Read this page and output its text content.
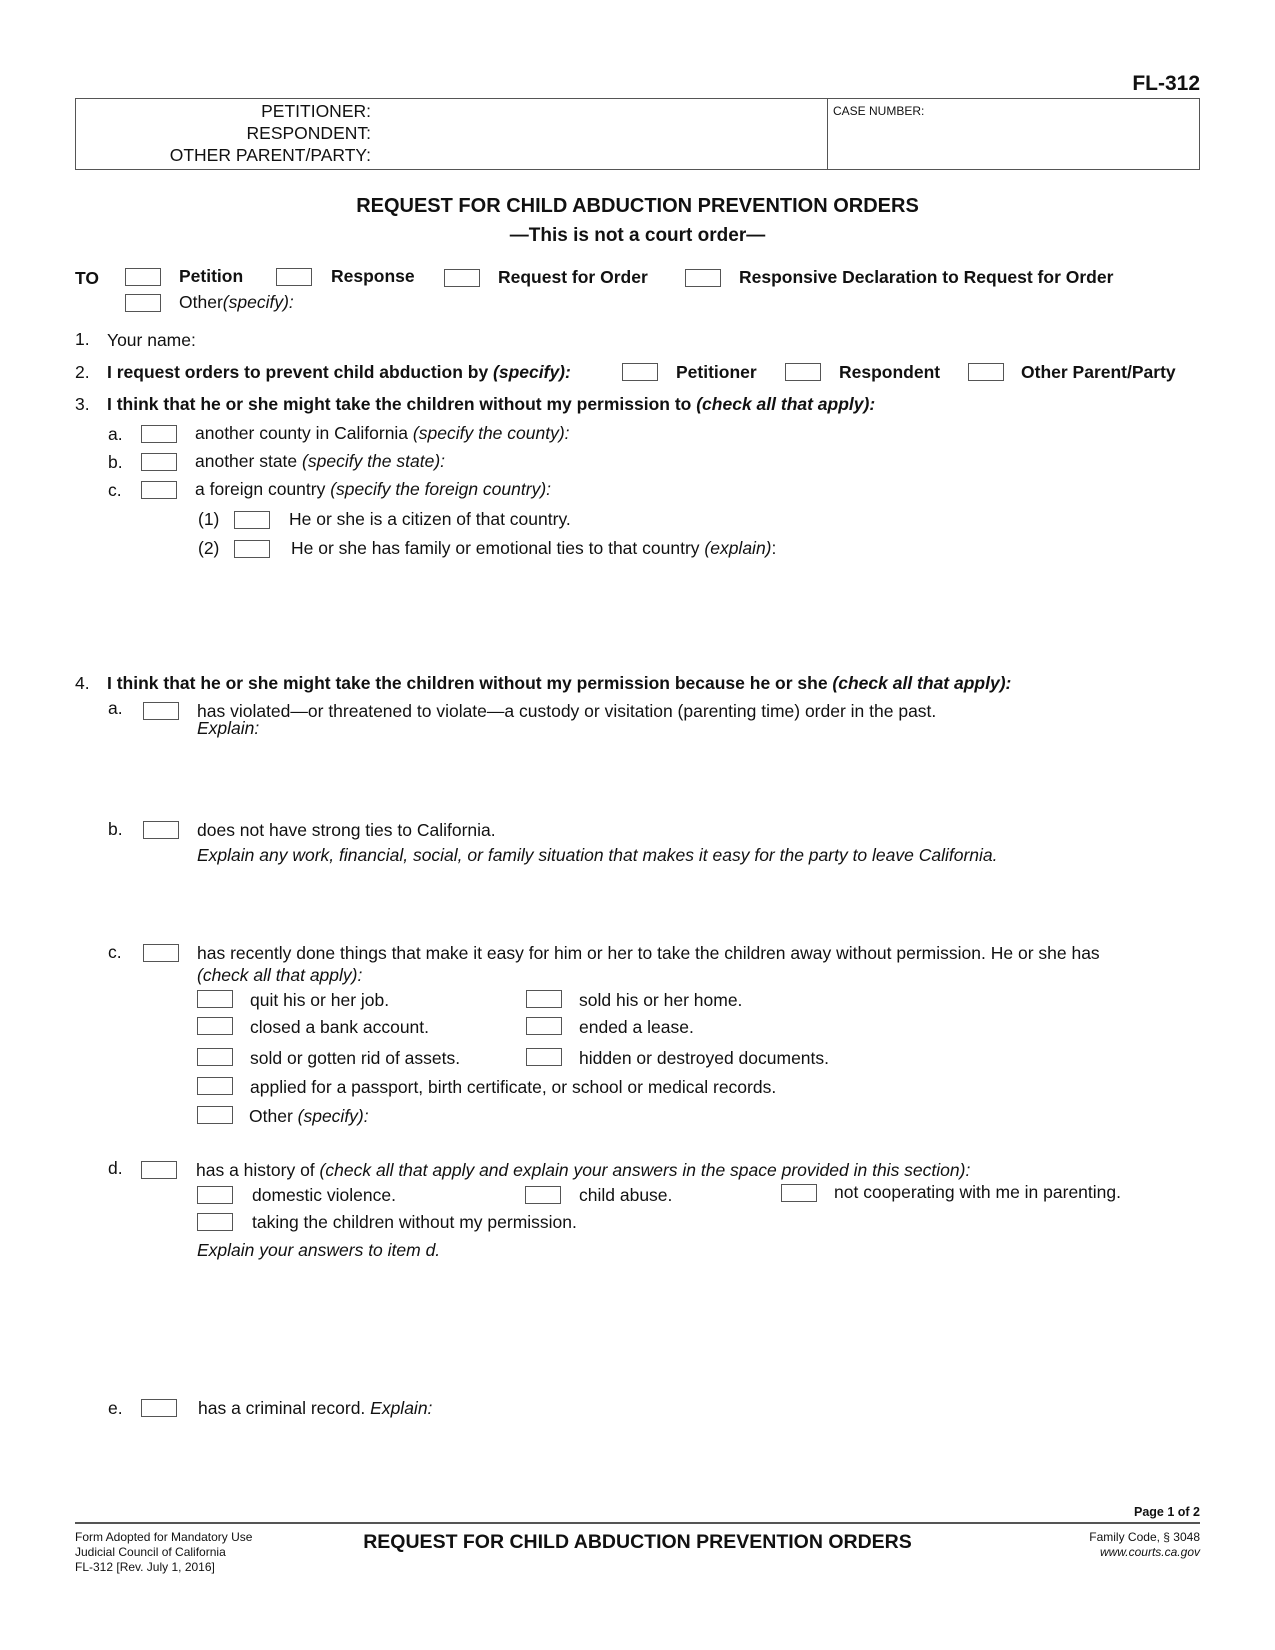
FL-312
PETITIONER:
RESPONDENT:
OTHER PARENT/PARTY:
CASE NUMBER:
REQUEST FOR CHILD ABDUCTION PREVENTION ORDERS
—This is not a court order—
TO	Petition	Response	Request for Order	Responsive Declaration to Request for Order
Other(specify):
1. Your name:
2. I request orders to prevent child abduction by (specify):	Petitioner	Respondent	Other Parent/Party
3. I think that he or she might take the children without my permission to (check all that apply):
a.	another county in California (specify the county):
b.	another state (specify the state):
c.	a foreign country (specify the foreign country):
(1)	He or she is a citizen of that country.
(2)	He or she has family or emotional ties to that country (explain):
4. I think that he or she might take the children without my permission because he or she (check all that apply):
a.	has violated—or threatened to violate—a custody or visitation (parenting time) order in the past.
Explain:
b.	does not have strong ties to California.
Explain any work, financial, social, or family situation that makes it easy for the party to leave California.
c.	has recently done things that make it easy for him or her to take the children away without permission. He or she has
(check all that apply):
quit his or her job.	sold his or her home.
closed a bank account.	ended a lease.
sold or gotten rid of assets.	hidden or destroyed documents.
applied for a passport, birth certificate, or school or medical records.
Other (specify):
d.	has a history of (check all that apply and explain your answers in the space provided in this section):
domestic violence.	child abuse.	not cooperating with me in parenting.
taking the children without my permission.
Explain your answers to item d.
e.	has a criminal record. Explain:
Page 1 of 2
Form Adopted for Mandatory Use
Judicial Council of California
FL-312 [Rev. July 1, 2016]
REQUEST FOR CHILD ABDUCTION PREVENTION ORDERS	Family Code, § 3048
www.courts.ca.gov
